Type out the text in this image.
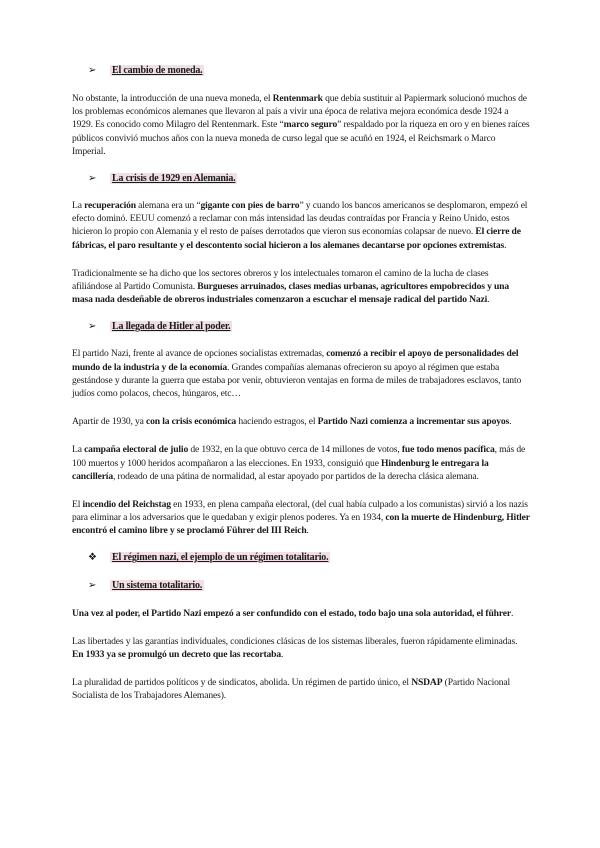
➢	El cambio de moneda.

No obstante, la introducción de una nueva moneda, el Rentenmark que debía sustituir al Papiermark solucionó muchos de los problemas económicos alemanes que llevaron al país a vivir una época de relativa mejora económica desde 1924 a 1929. Es conocido como Milagro del Rentenmark. Este “marco seguro” respaldado por la riqueza en oro y en bienes raíces públicos convivió muchos años con la nueva moneda de curso legal que se acuñó en 1924, el Reichsmark o Marco Imperial.

➢	La crisis de 1929 en Alemania.

La recuperación alemana era un “gigante con pies de barro” y cuando los bancos americanos se desplomaron, empezó el efecto dominó. EEUU comenzó a reclamar con más intensidad las deudas contraídas por Francia y Reino Unido, estos hicieron lo propio con Alemania y el resto de países derrotados que vieron sus economías colapsar de nuevo. El cierre de fábricas, el paro resultante y el descontento social hicieron a los alemanes decantarse por opciones extremistas.

Tradicionalmente se ha dicho que los sectores obreros y los intelectuales tomaron el camino de la lucha de clases afiliándose al Partido Comunista. Burgueses arruinados, clases medias urbanas, agricultores empobrecidos y una masa nada desdeñable de obreros industriales comenzaron a escuchar el mensaje radical del partido Nazi.

➢	La llegada de Hitler al poder.

El partido Nazi, frente al avance de opciones socialistas extremadas, comenzó a recibir el apoyo de personalidades del mundo de la industria y de la economía. Grandes compañías alemanas ofrecieron su apoyo al régimen que estaba gestándose y durante la guerra que estaba por venir, obtuvieron ventajas en forma de miles de trabajadores esclavos, tanto judíos como polacos, checos, húngaros, etc…

Apartir de 1930, ya con la crisis económica haciendo estragos, el Partido Nazi comienza a incrementar sus apoyos.

La campaña electoral de julio de 1932, en la que obtuvo cerca de 14 millones de votos, fue todo menos pacífica, más de 100 muertos y 1000 heridos acompañaron a las elecciones. En 1933, consiguió que Hindenburg le entregara la cancillería, rodeado de una pátina de normalidad, al estar apoyado por partidos de la derecha clásica alemana.

El incendio del Reichstag en 1933, en plena campaña electoral, (del cual había culpado a los comunistas) sirvió a los nazis para eliminar a los adversarios que le quedaban y exigir plenos poderes. Ya en 1934, con la muerte de Hindenburg, Hitler encontró el camino libre y se proclamó Führer del III Reich.

❖	El régimen nazi, el ejemplo de un régimen totalitario.
➢	Un sistema totalitario.

Una vez al poder, el Partido Nazi empezó a ser confundido con el estado, todo bajo una sola autoridad, el führer.

Las libertades y las garantías individuales, condiciones clásicas de los sistemas liberales, fueron rápidamente eliminadas. En 1933 ya se promulgó un decreto que las recortaba.

La pluralidad de partidos políticos y de sindicatos, abolida. Un régimen de partido único, el NSDAP (Partido Nacional Socialista de los Trabajadores Alemanes).
